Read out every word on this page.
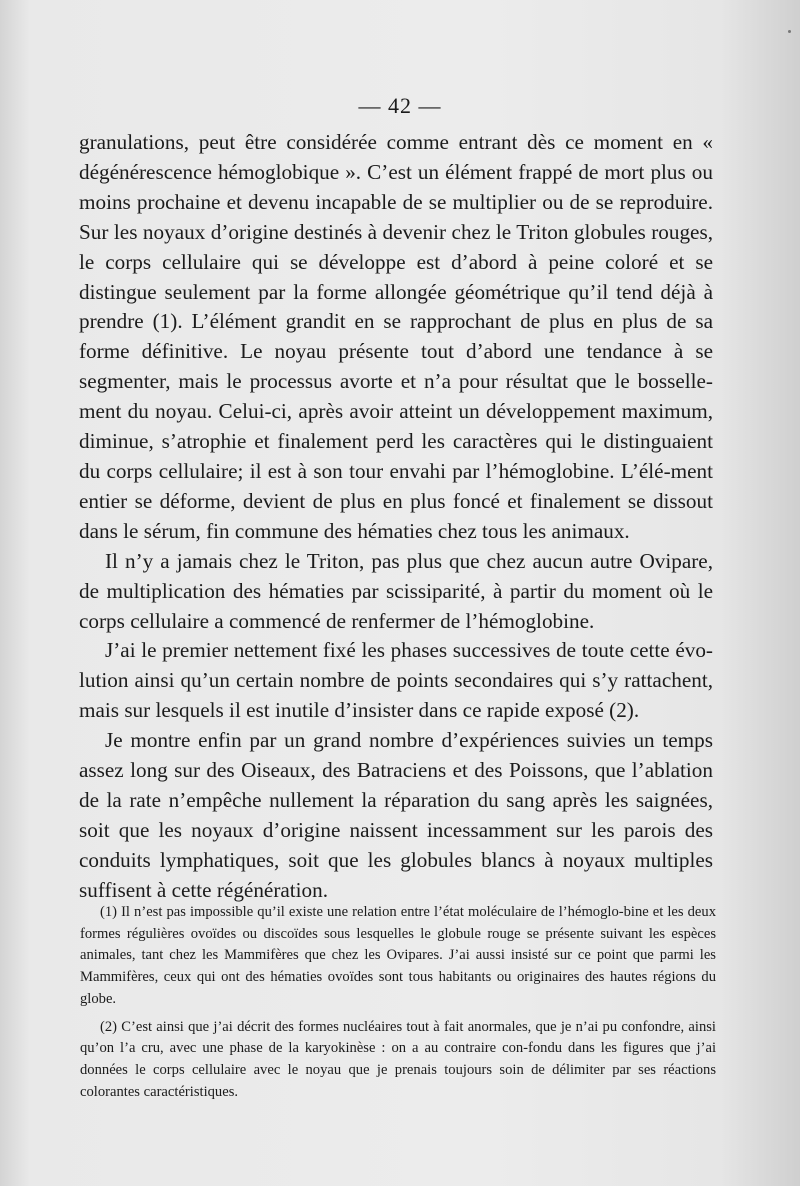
— 42 —

granulations, peut être considérée comme entrant dès ce moment en « dégénérescence hémoglobique ». C’est un élément frappé de mort plus ou moins prochaine et devenu incapable de se multiplier ou de se reproduire. Sur les noyaux d’origine destinés à devenir chez le Triton globules rouges, le corps cellulaire qui se développe est d’abord à peine coloré et se distingue seulement par la forme allongée géométrique qu’il tend déjà à prendre (1). L’élément grandit en se rapprochant de plus en plus de sa forme définitive. Le noyau présente tout d’abord une tendance à se segmenter, mais le processus avorte et n’a pour résultat que le bosselle-ment du noyau. Celui-ci, après avoir atteint un développement maximum, diminue, s’atrophie et finalement perd les caractères qui le distinguaient du corps cellulaire; il est à son tour envahi par l’hémoglobine. L’élé-ment entier se déforme, devient de plus en plus foncé et finalement se dissout dans le sérum, fin commune des hématies chez tous les animaux.

Il n’y a jamais chez le Triton, pas plus que chez aucun autre Ovipare, de multiplication des hématies par scissiparité, à partir du moment où le corps cellulaire a commencé de renfermer de l’hémoglobine.

J’ai le premier nettement fixé les phases successives de toute cette évo-lution ainsi qu’un certain nombre de points secondaires qui s’y rattachent, mais sur lesquels il est inutile d’insister dans ce rapide exposé (2).

Je montre enfin par un grand nombre d’expériences suivies un temps assez long sur des Oiseaux, des Batraciens et des Poissons, que l’ablation de la rate n’empêche nullement la réparation du sang après les saignées, soit que les noyaux d’origine naissent incessamment sur les parois des conduits lymphatiques, soit que les globules blancs à noyaux multiples suffisent à cette régénération.

(1) Il n’est pas impossible qu’il existe une relation entre l’état moléculaire de l’hémoglo-bine et les deux formes régulières ovoïdes ou discoïdes sous lesquelles le globule rouge se présente suivant les espèces animales, tant chez les Mammifères que chez les Ovipares. J’ai aussi insisté sur ce point que parmi les Mammifères, ceux qui ont des hématies ovoïdes sont tous habitants ou originaires des hautes régions du globe.

(2) C’est ainsi que j’ai décrit des formes nucléaires tout à fait anormales, que je n’ai pu confondre, ainsi qu’on l’a cru, avec une phase de la karyokinèse : on a au contraire con-fondu dans les figures que j’ai données le corps cellulaire avec le noyau que je prenais toujours soin de délimiter par ses réactions colorantes caractéristiques.
